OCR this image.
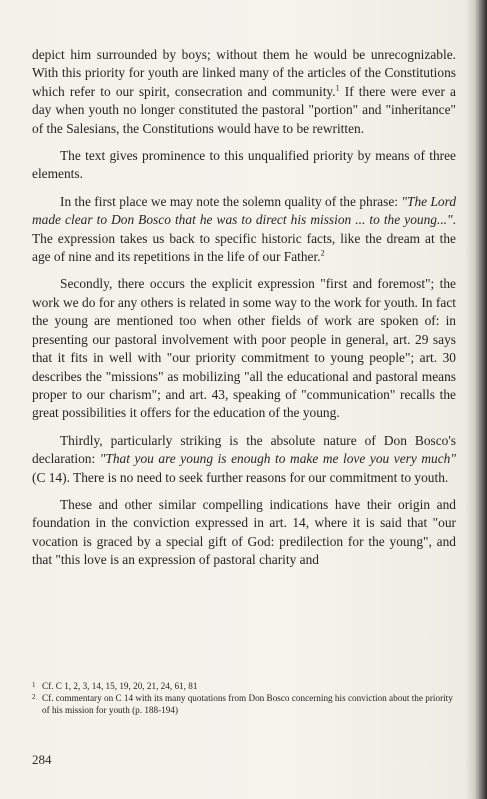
depict him surrounded by boys; without them he would be unrecognizable. With this priority for youth are linked many of the articles of the Constitutions which refer to our spirit, consecration and community.$^1$ If there were ever a day when youth no longer constituted the pastoral "portion" and "inheritance" of the Salesians, the Constitutions would have to be rewritten.

The text gives prominence to this unqualified priority by means of three elements.

In the first place we may note the solemn quality of the phrase: "The Lord made clear to Don Bosco that he was to direct his mission ... to the young...". The expression takes us back to specific historic facts, like the dream at the age of nine and its repetitions in the life of our Father.$^2$

Secondly, there occurs the explicit expression "first and foremost"; the work we do for any others is related in some way to the work for youth. In fact the young are mentioned too when other fields of work are spoken of: in presenting our pastoral involvement with poor people in general, art. 29 says that it fits in well with "our priority commitment to young people"; art. 30 describes the "missions" as mobilizing "all the educational and pastoral means proper to our charism"; and art. 43, speaking of "communication" recalls the great possibilities it offers for the education of the young.

Thirdly, particularly striking is the absolute nature of Don Bosco's declaration: "That you are young is enough to make me love you very much" (C 14). There is no need to seek further reasons for our commitment to youth.

These and other similar compelling indications have their origin and foundation in the conviction expressed in art. 14, where it is said that "our vocation is graced by a special gift of God: predilection for the young", and that "this love is an expression of pastoral charity and

1 Cf. C 1, 2, 3, 14, 15, 19, 20, 21, 24, 61, 81
2 Cf. commentary on C 14 with its many quotations from Don Bosco concerning his conviction about the priority of his mission for youth (p. 188-194)
284
